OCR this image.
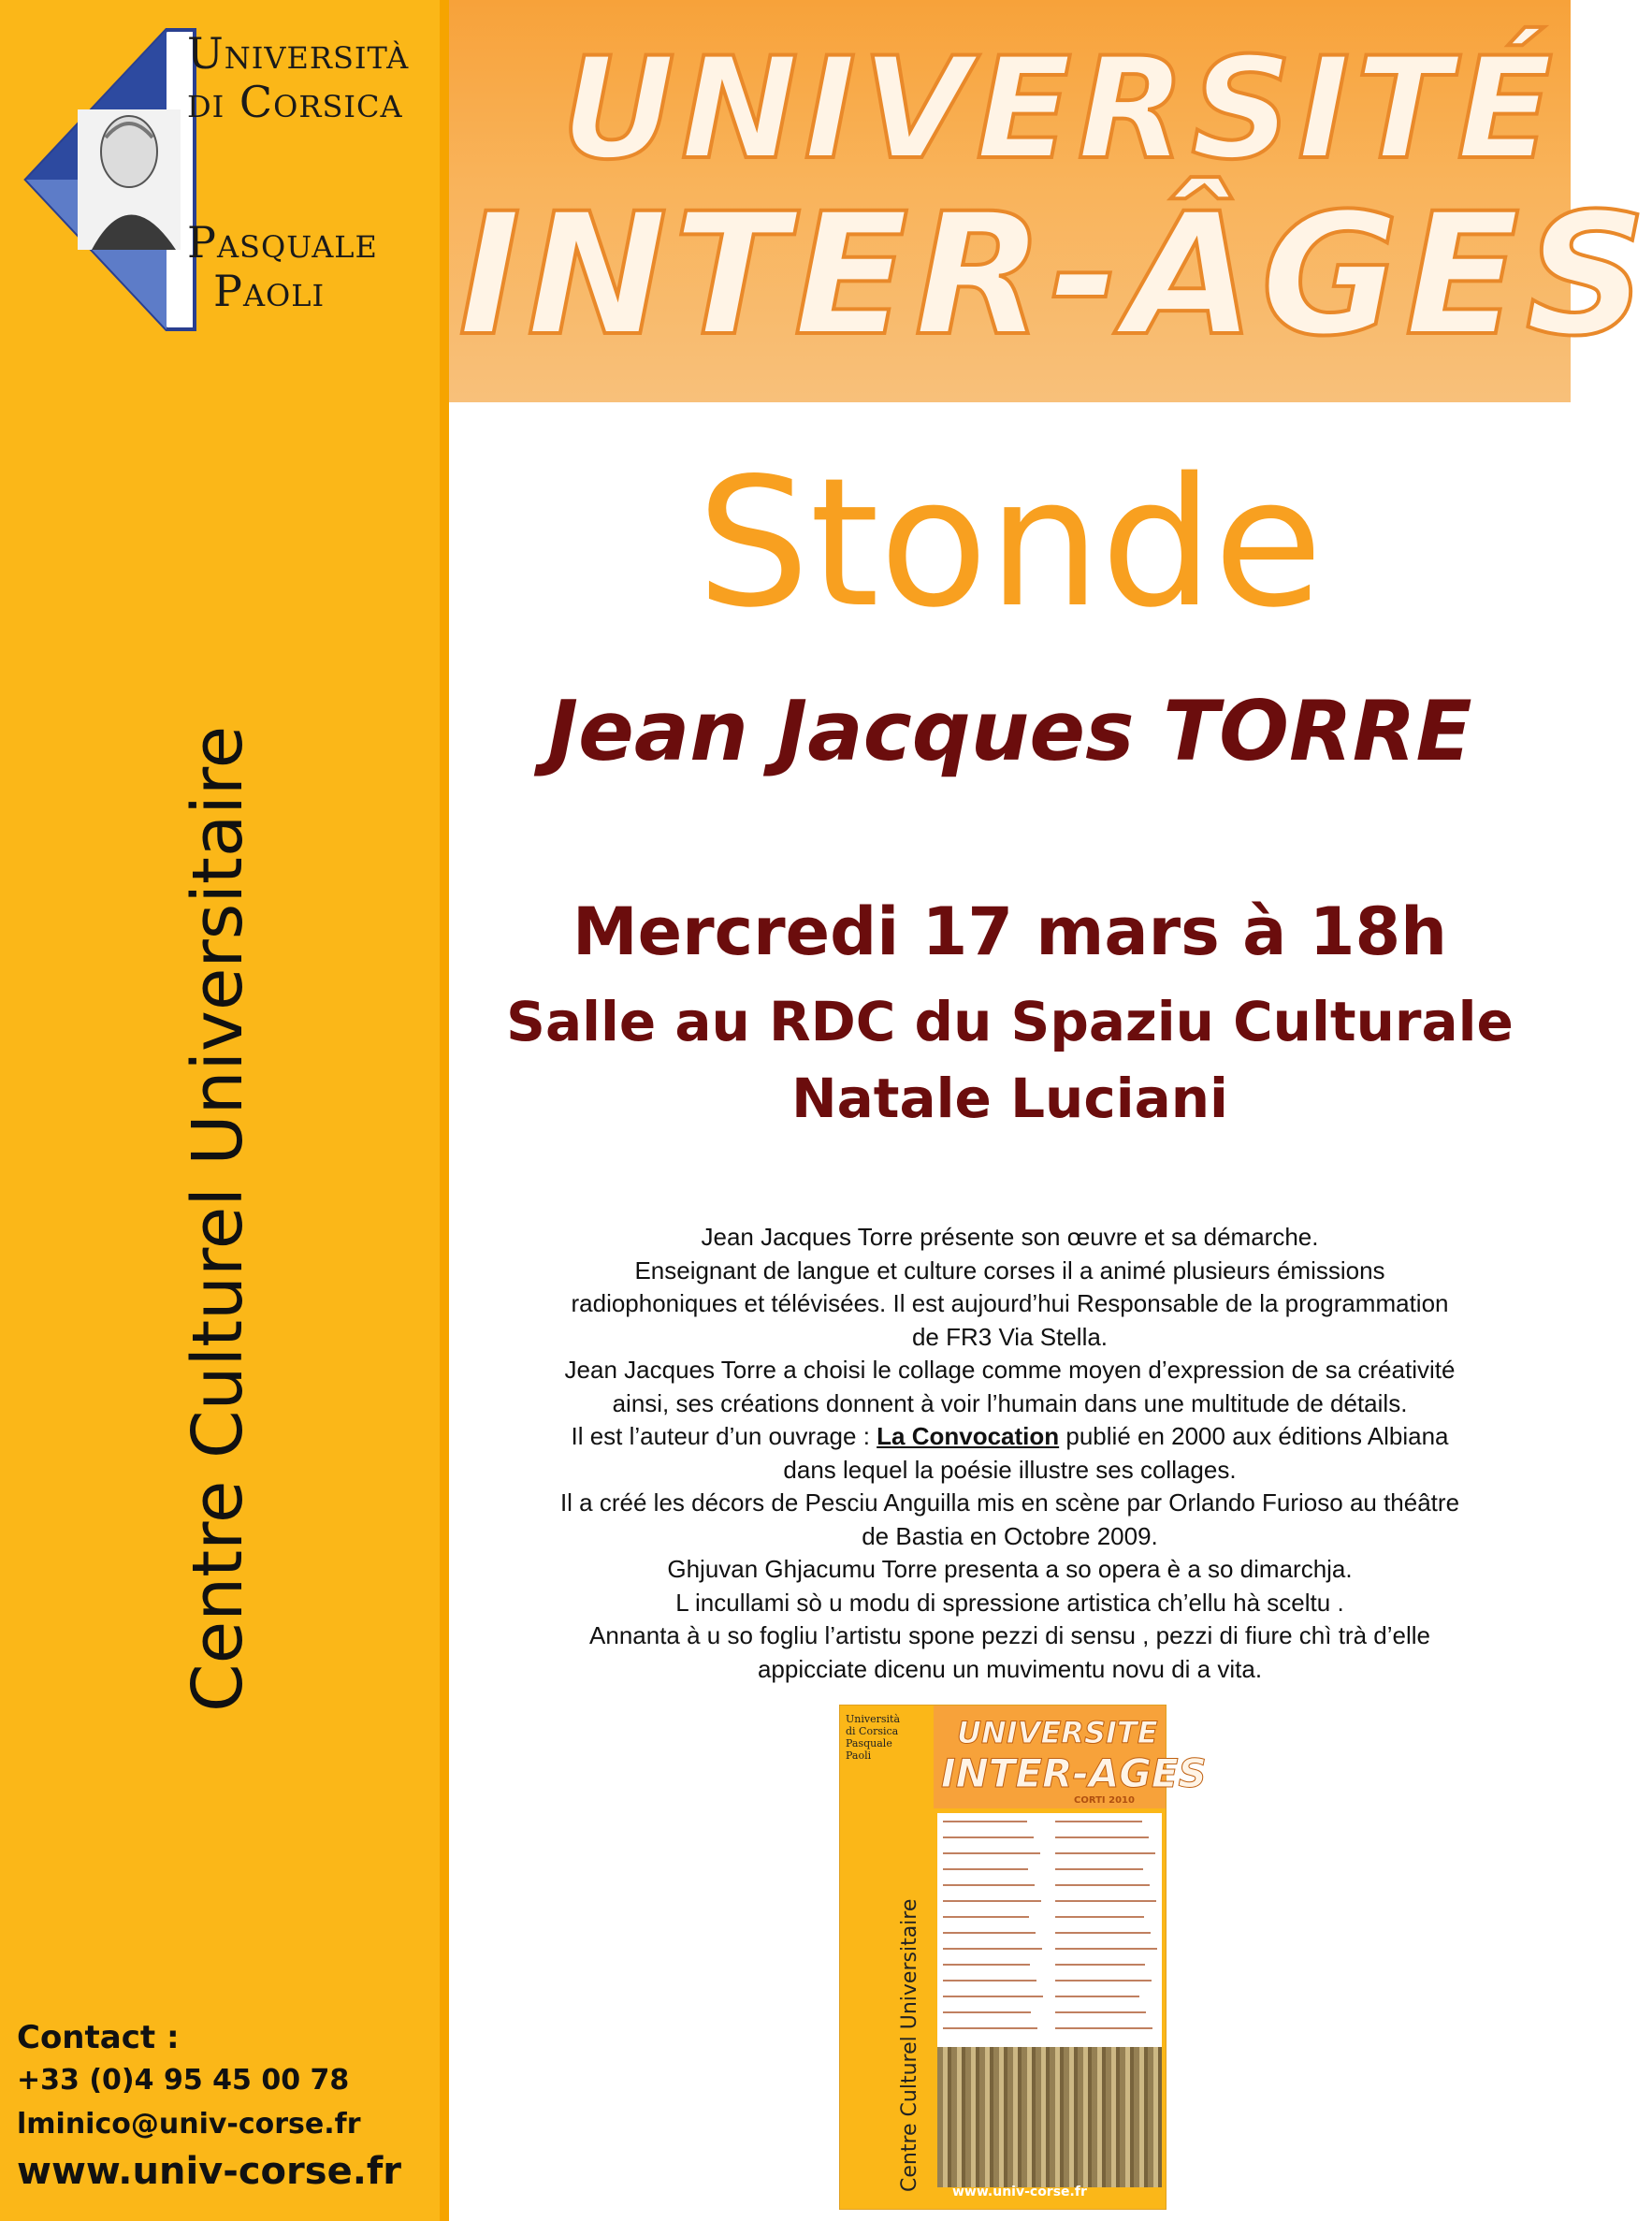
Università
di Corsica
Pasquale
Paoli
Centre Culturel Universitaire
Contact :
+33 (0)4 95 45 00 78
lminico@univ-corse.fr
www.univ-corse.fr
UNIVERSITÉ
INTER-ÂGES
Stonde
Jean Jacques TORRE
Mercredi 17 mars à 18h
Salle au RDC du Spaziu Culturale
Natale Luciani
Jean Jacques Torre présente son œuvre et sa démarche.
Enseignant de langue et culture corses il a animé plusieurs émissions
radiophoniques et télévisées. Il est aujourd’hui Responsable de la programmation
de FR3 Via Stella.
Jean Jacques Torre a choisi le collage comme moyen d’expression de sa créativité
ainsi, ses créations donnent à voir l’humain dans une multitude de détails.
Il est l’auteur d’un ouvrage : La Convocation publié en 2000 aux éditions Albiana
dans lequel la poésie illustre ses collages.
Il a créé les décors de Pesciu Anguilla mis en scène par Orlando Furioso au théâtre
de Bastia en Octobre 2009.
Ghjuvan Ghjacumu Torre presenta a so opera è a so dimarchja.
L incullami sò u modu di spressione artistica ch’ellu hà sceltu .
Annanta à u so fogliu l’artistu spone pezzi di sensu , pezzi di fiure chì trà d’elle
appicciate dicenu un muvimentu novu di a vita.
Università
di Corsica
Pasquale
Paoli
UNIVERSITE
INTER-AGES
CORTI 2010
www.univ-corse.fr
Centre Culturel Universitaire
